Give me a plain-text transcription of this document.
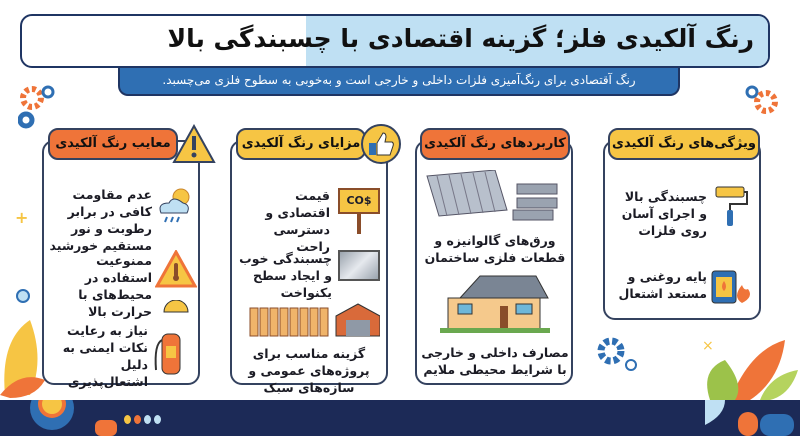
رنگ آلکیدی فلز؛ گزینه اقتصادی با چسبندگی بالا
رنگ آقتصادی برای رنگ‌آمیزی فلزات داخلی و خارجی است و به‌خوبی به سطوح فلزی می‌چسبد.
×
+
ویژگی‌های رنگ آلکیدی
چسبندگی بالا و اجرای آسان روی فلزات
پایه روغنی و مستعد اشتعال
کاربردهای رنگ آلکیدی
ورق‌های گالوانیزه و قطعات فلزی ساختمان
مصارف داخلی و خارجی با شرایط محیطی ملایم
مزایای رنگ آلکیدی
قیمت اقتصادی و دسترسی راحت
CO$
چسبندگی خوب و ایجاد سطح یکنواخت
گزینه مناسب برای پروژه‌های عمومی و سازه‌های سبک
معایب رنگ آلکیدی
عدم مقاومت کافی در برابر رطوبت و نور مستقیم خورشید
ممنوعیت استفاده در محیط‌های با حرارت بالا
نیاز به رعایت نکات ایمنی به دلیل اشتعال‌پذیری
